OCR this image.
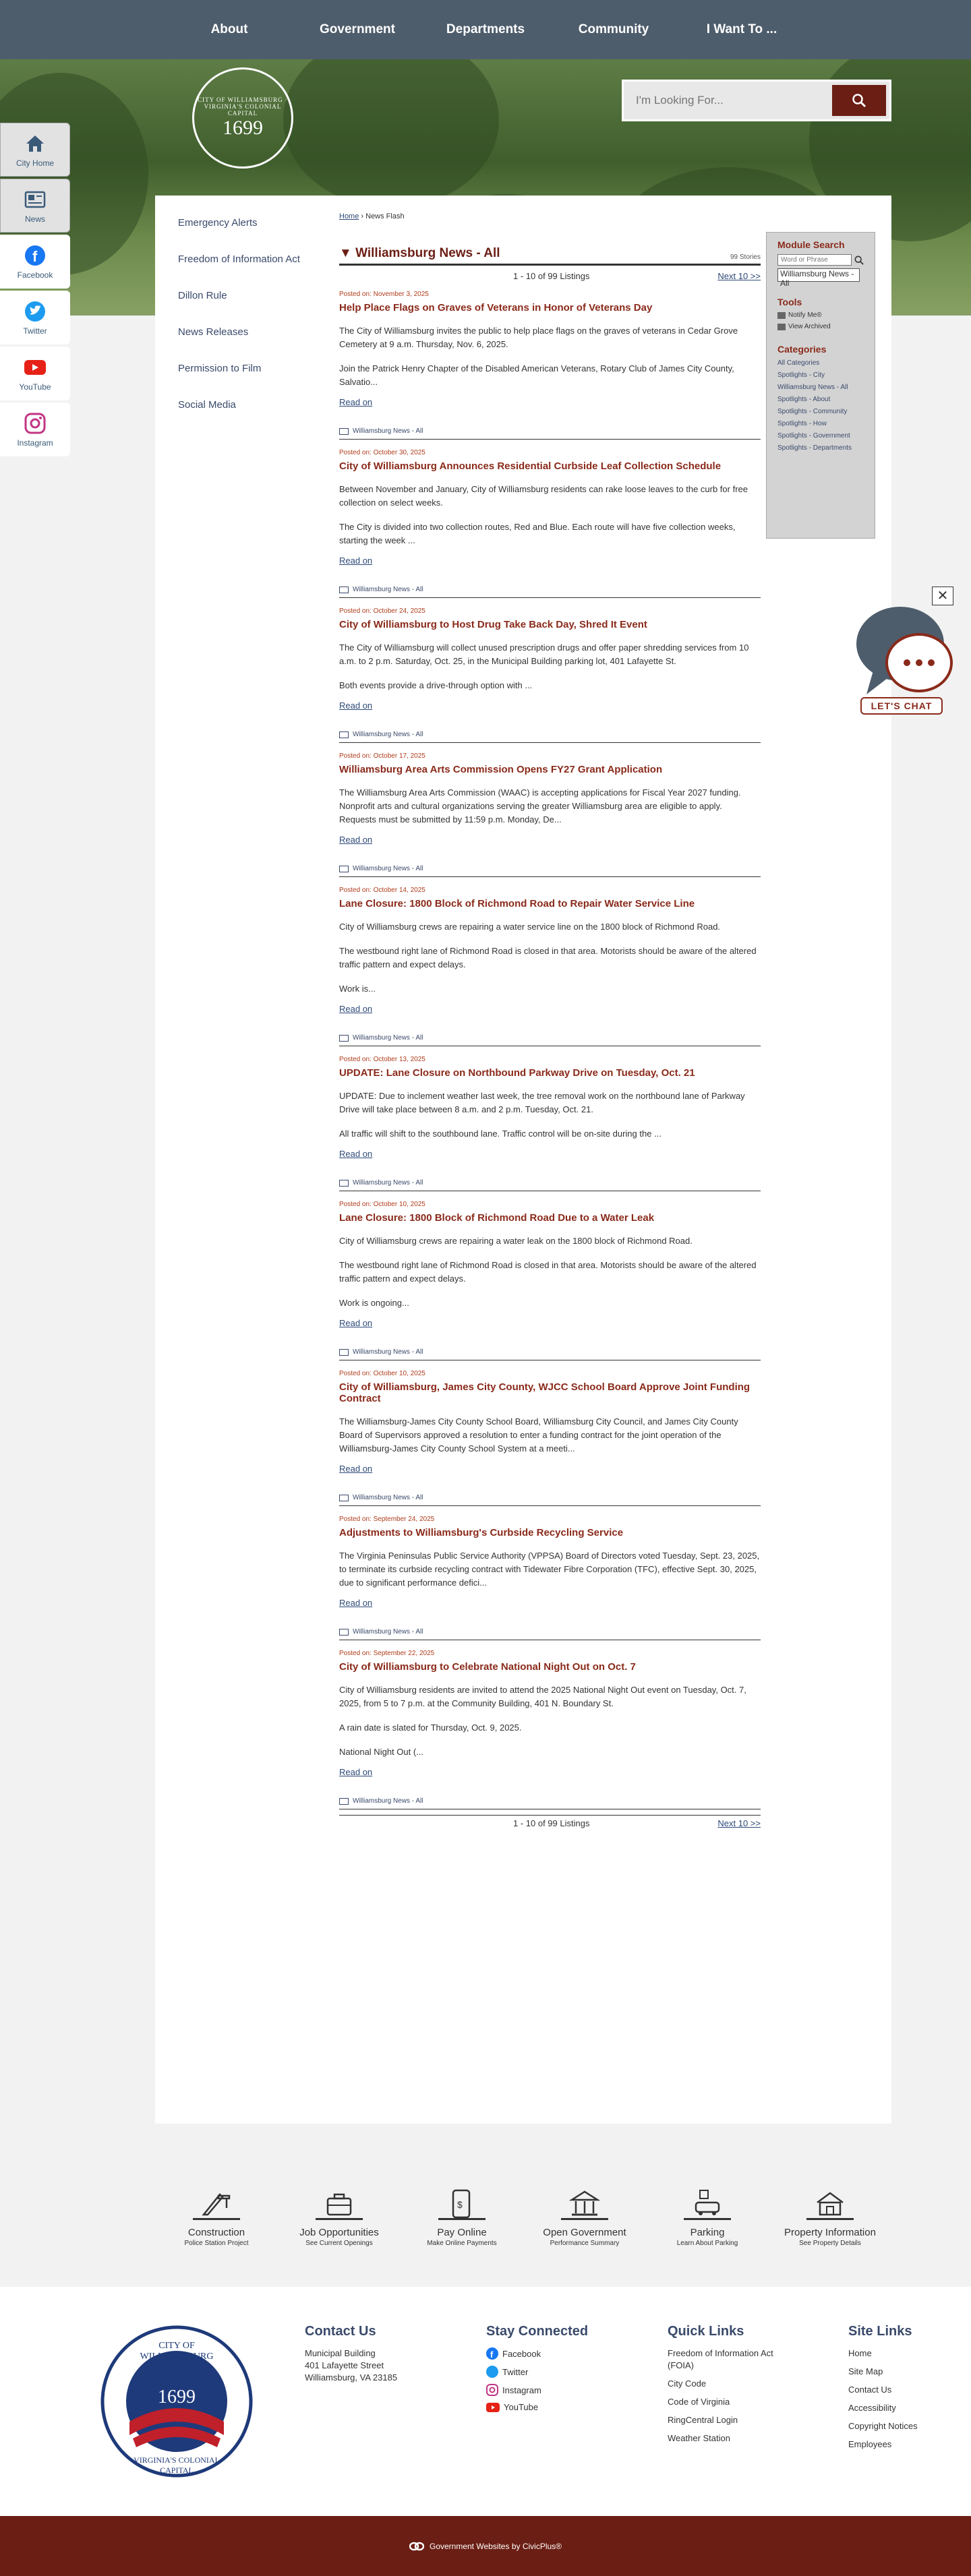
About	Government	Departments	Community	I Want To ...
CITY OF WILLIAMSBURG · VIRGINIA'S COLONIAL CAPITAL
1699
I'm Looking For...
City Home
News
f
Facebook
Twitter
YouTube
Instagram
Emergency Alerts
Freedom of Information Act
Dillon Rule
News Releases
Permission to Film
Social Media
Home › News Flash
▼ Williamsburg News - All	99 Stories
1 - 10 of 99 Listings	Next 10 >>
Posted on: November 3, 2025
Help Place Flags on Graves of Veterans in Honor of Veterans Day

The City of Williamsburg invites the public to help place flags on the graves of veterans in Cedar Grove Cemetery at 9 a.m. Thursday, Nov. 6, 2025.

Join the Patrick Henry Chapter of the Disabled American Veterans, Rotary Club of James City County, Salvatio...

Read on
Williamsburg News - All
Posted on: October 30, 2025
City of Williamsburg Announces Residential Curbside Leaf Collection Schedule

Between November and January, City of Williamsburg residents can rake loose leaves to the curb for free collection on select weeks.

The City is divided into two collection routes, Red and Blue. Each route will have five collection weeks, starting the week ...

Read on
Williamsburg News - All
Posted on: October 24, 2025
City of Williamsburg to Host Drug Take Back Day, Shred It Event

The City of Williamsburg will collect unused prescription drugs and offer paper shredding services from 10 a.m. to 2 p.m. Saturday, Oct. 25, in the Municipal Building parking lot, 401 Lafayette St.

Both events provide a drive-through option with ...

Read on
Williamsburg News - All
Posted on: October 17, 2025
Williamsburg Area Arts Commission Opens FY27 Grant Application

The Williamsburg Area Arts Commission (WAAC) is accepting applications for Fiscal Year 2027 funding. Nonprofit arts and cultural organizations serving the greater Williamsburg area are eligible to apply. Requests must be submitted by 11:59 p.m. Monday, De...

Read on
Williamsburg News - All
Posted on: October 14, 2025
Lane Closure: 1800 Block of Richmond Road to Repair Water Service Line

City of Williamsburg crews are repairing a water service line on the 1800 block of Richmond Road.

The westbound right lane of Richmond Road is closed in that area. Motorists should be aware of the altered traffic pattern and expect delays.

Work is...

Read on
Williamsburg News - All
Posted on: October 13, 2025
UPDATE: Lane Closure on Northbound Parkway Drive on Tuesday, Oct. 21

UPDATE: Due to inclement weather last week, the tree removal work on the northbound lane of Parkway Drive will take place between 8 a.m. and 2 p.m. Tuesday, Oct. 21.

All traffic will shift to the southbound lane. Traffic control will be on-site during the ...

Read on
Williamsburg News - All
Posted on: October 10, 2025
Lane Closure: 1800 Block of Richmond Road Due to a Water Leak

City of Williamsburg crews are repairing a water leak on the 1800 block of Richmond Road.

The westbound right lane of Richmond Road is closed in that area. Motorists should be aware of the altered traffic pattern and expect delays.

Work is ongoing...

Read on
Williamsburg News - All
Posted on: October 10, 2025
City of Williamsburg, James City County, WJCC School Board Approve Joint Funding Contract

The Williamsburg-James City County School Board, Williamsburg City Council, and James City County Board of Supervisors approved a resolution to enter a funding contract for the joint operation of the Williamsburg-James City County School System at a meeti...

Read on
Williamsburg News - All
Posted on: September 24, 2025
Adjustments to Williamsburg's Curbside Recycling Service

The Virginia Peninsulas Public Service Authority (VPPSA) Board of Directors voted Tuesday, Sept. 23, 2025, to terminate its curbside recycling contract with Tidewater Fibre Corporation (TFC), effective Sept. 30, 2025, due to significant performance defici...

Read on
Williamsburg News - All
Posted on: September 22, 2025
City of Williamsburg to Celebrate National Night Out on Oct. 7

City of Williamsburg residents are invited to attend the 2025 National Night Out event on Tuesday, Oct. 7, 2025, from 5 to 7 p.m. at the Community Building, 401 N. Boundary St.

A rain date is slated for Thursday, Oct. 9, 2025.

National Night Out (...

Read on
Williamsburg News - All
1 - 10 of 99 Listings	Next 10 >>
Module Search
Word or Phrase
Williamsburg News - All
Tools
Notify Me®
View Archived
Categories
All Categories
Spotlights - City
Williamsburg News - All
Spotlights - About
Spotlights - Community
Spotlights - How
Spotlights - Government
Spotlights - Departments
✕
LET'S CHAT
Construction
Police Station Project
Job Opportunities
See Current Openings
$
Pay Online
Make Online Payments
Open Government
Performance Summary
Parking
Learn About Parking
Property Information
See Property Details
CITY OF WILLIAMSBURG
1699
VIRGINIA'S COLONIAL CAPITAL
Contact Us
Municipal Building
401 Lafayette Street
Williamsburg, VA 23185
Stay Connected
f Facebook
Twitter
Instagram
YouTube
Quick Links
Freedom of Information Act (FOIA)
City Code
Code of Virginia
RingCentral Login
Weather Station
Site Links
Home
Site Map
Contact Us
Accessibility
Copyright Notices
Employees
Government Websites by CivicPlus®
